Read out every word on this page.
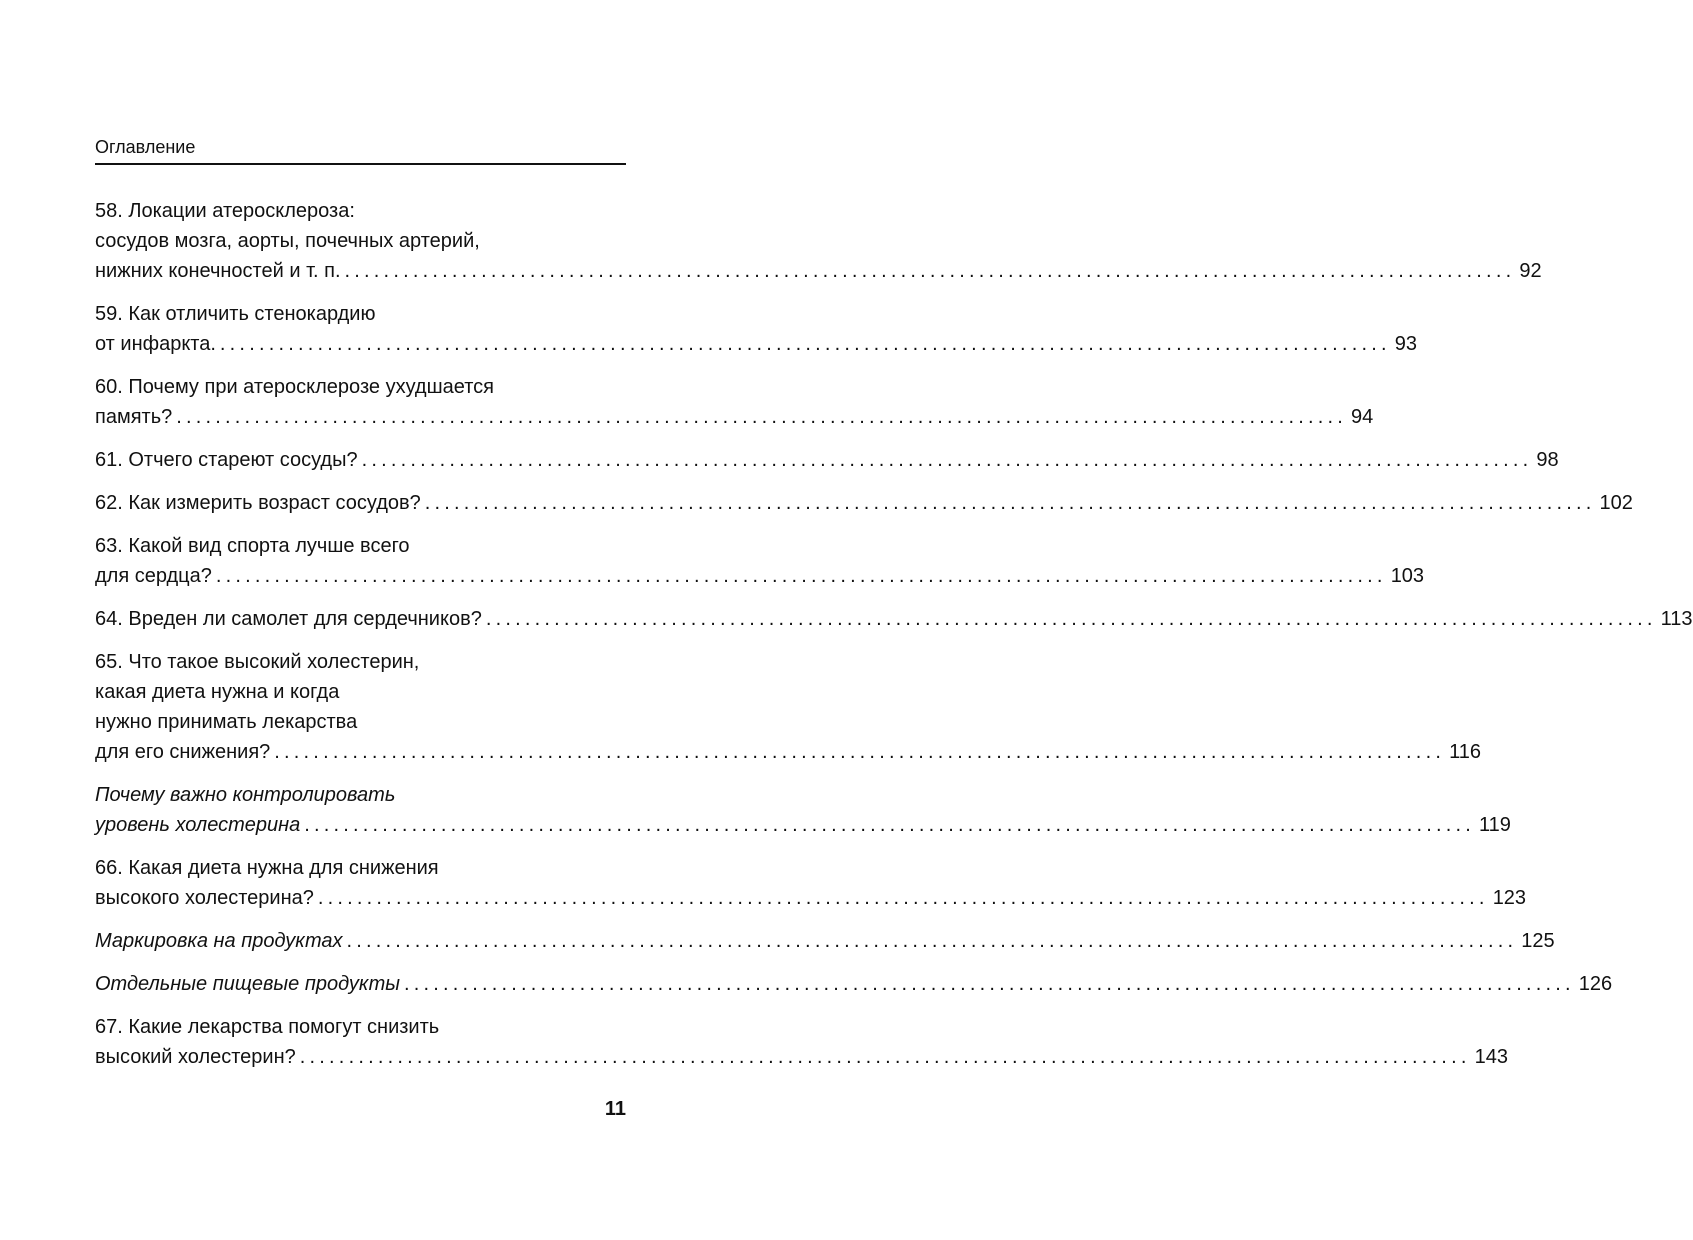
Оглавление
58. Локации атеросклероза:
сосудов мозга, аорты, почечных артерий,
нижних конечностей и т. п. ........................................................................................................................ 92
59. Как отличить стенокардию
от инфаркта. ........................................................................................................................ 93
60. Почему при атеросклерозе ухудшается
память? ........................................................................................................................ 94
61. Отчего стареют сосуды? ........................................................................................................................ 98
62. Как измерить возраст сосудов? ........................................................................................................................ 102
63. Какой вид спорта лучше всего
для сердца? ........................................................................................................................ 103
64. Вреден ли самолет для сердечников? ........................................................................................................................ 113
65. Что такое высокий холестерин,
какая диета нужна и когда
нужно принимать лекарства
для его снижения? ........................................................................................................................ 116
Почему важно контролировать
уровень холестерина ........................................................................................................................ 119
66. Какая диета нужна для снижения
высокого холестерина? ........................................................................................................................ 123
Маркировка на продуктах ........................................................................................................................ 125
Отдельные пищевые продукты ........................................................................................................................ 126
67. Какие лекарства помогут снизить
высокий холестерин? ........................................................................................................................ 143
11
